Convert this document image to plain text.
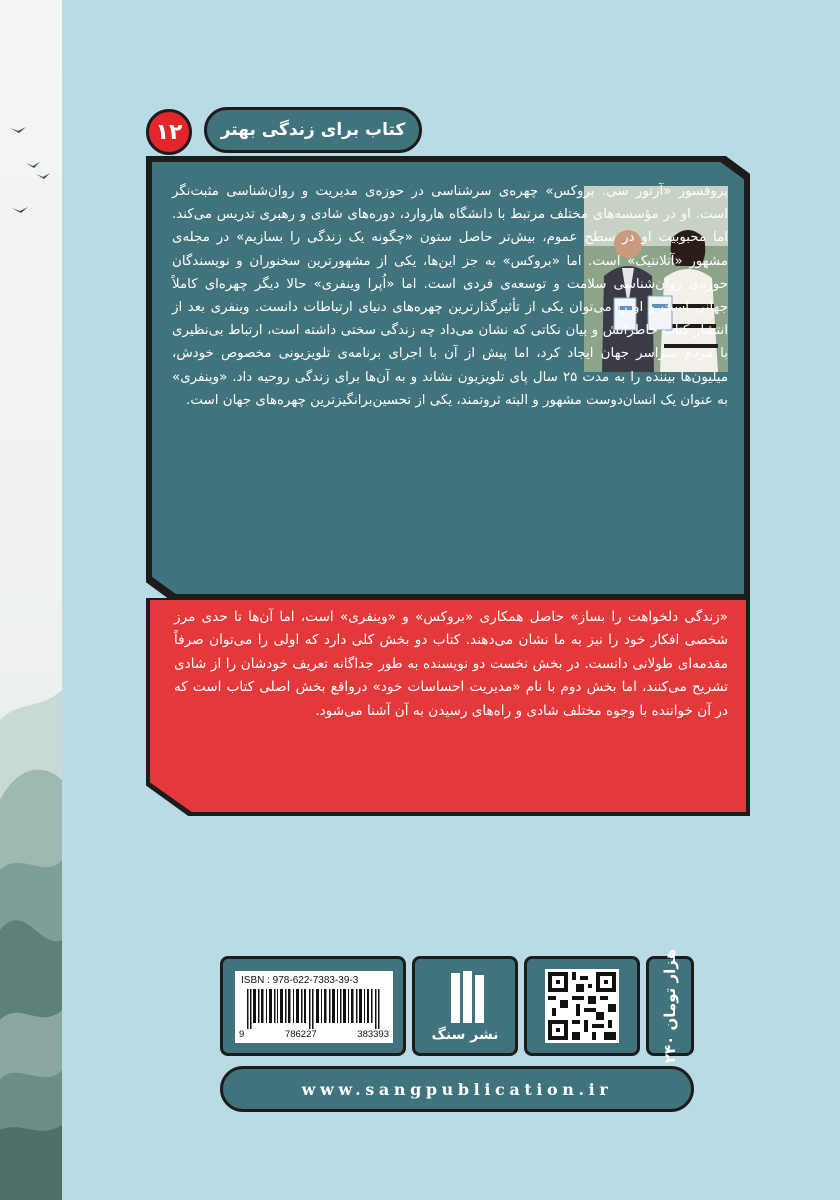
۱۲	کتاب برای زندگی بهتر
پروفسور «آرتور سی. بروکس» چهره‌ی سرشناسی در حوزه‌ی مدیریت و روان‌شناسی مثبت‌نگر است. او در مؤسسه‌های مختلف مرتبط با دانشگاه هاروارد، دوره‌های شادی و رهبری تدریس می‌کند. اما محبوبیت او در سطح عموم، بیش‌تر حاصل ستون «چگونه یک زندگی را بسازیم» در مجله‌ی مشهور «آتلانتیک» است. اما «بروکس» به جز این‌ها، یکی از مشهورترین سخنوران و نویسندگان حوزه‌ی روان‌شناسی سلامت و توسعه‌ی فردی است. اما «اُپرا وینفری» حالا دیگر چهره‌ای کاملاً جهانی است و او را می‌توان یکی از تأثیرگذارترین چهره‌های دنیای ارتباطات دانست. وینفری بعد از انتشار کتاب خاطراتش و بیان نکاتی که نشان می‌داد چه زندگی سختی داشته است، ارتباط بی‌نظیری با مردم سراسر جهان ایجاد کرد، اما پیش از آن با اجرای برنامه‌ی تلویزیونی مخصوص خودش، میلیون‌ها بیننده را به مدت ۲۵ سال پای تلویزیون نشاند و به آن‌ها برای زندگی روحیه داد. «وینفری» به عنوان یک انسان‌دوست مشهور و البته ثروتمند، یکی از تحسین‌برانگیزترین چهره‌های جهان است.
«زندگی دلخواهت را بساز» حاصل همکاری «بروکس» و «وینفری» است، اما آن‌ها تا حدی مرز شخصی افکار خود را نیز به ما نشان می‌دهند. کتاب دو بخش کلی دارد که اولی را می‌توان صرفاً مقدمه‌ای طولانی دانست. در بخش نخست دو نویسنده به طور جداگانه تعریف خودشان را از شادی تشریح می‌کنند، اما بخش دوم با نام «مدیریت احساسات خود» درواقع بخش اصلی کتاب است که در آن خواننده با وجوه مختلف شادی و راه‌های رسیدن به آن آشنا می‌شود.
۲۴۰ هزار تومان
نشر سنگ
ISBN : 978-622-7383-39-3
9	786227	383393
www.sangpublication.ir
